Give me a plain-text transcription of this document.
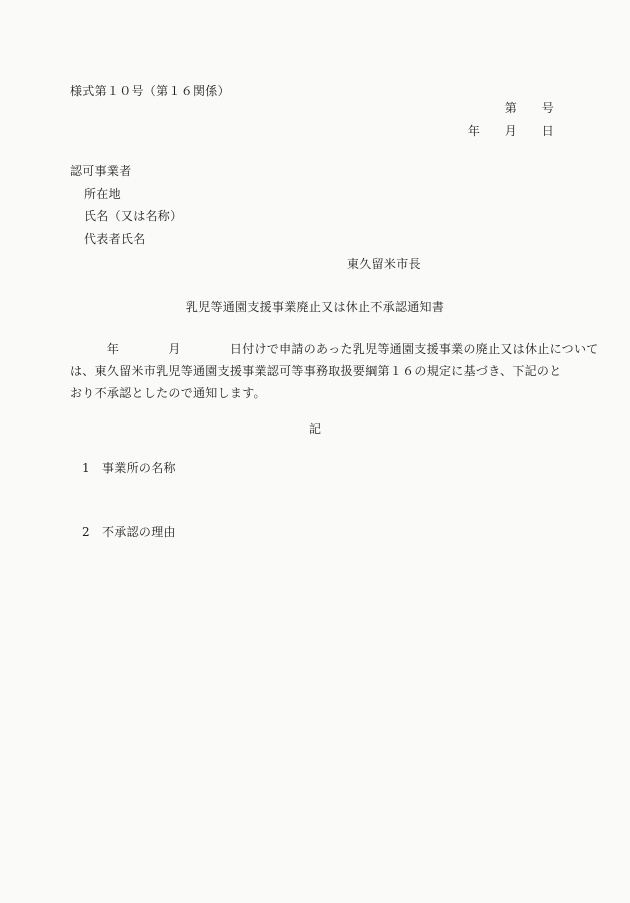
様式第１０号（第１６関係）
第　　号
年　　月　　日
認可事業者
所在地
氏名（又は名称）
代表者氏名
東久留米市長
乳児等通園支援事業廃止又は休止不承認通知書
　　　年　　　　月　　　　日付けで申請のあった乳児等通園支援事業の廃止又は休止について
は、東久留米市乳児等通園支援事業認可等事務取扱要綱第１６の規定に基づき、下記のと
おり不承認としたので通知します。
記
1	事業所の名称
2	不承認の理由
